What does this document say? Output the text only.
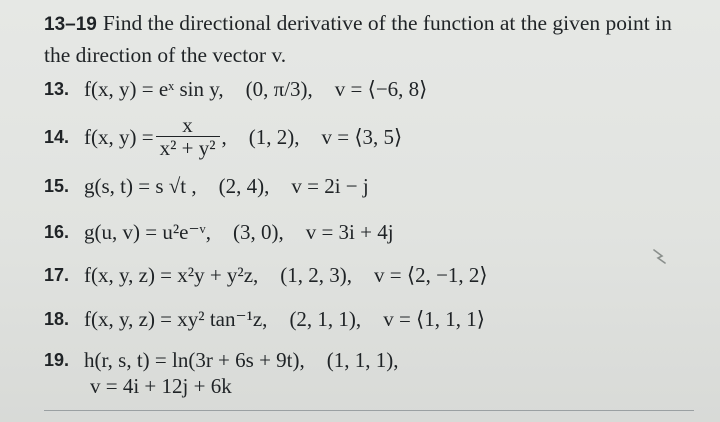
13–19 Find the directional derivative of the function at the given point in the direction of the vector v.
13. f(x, y) = eˣ sin y, (0, π/3), v = ⟨−6, 8⟩
14. f(x, $y) = \frac{x}{\text{x² + y²}}$ , (1, 2), v = ⟨3, 5⟩
15. g(s, t) = s √t , (2, 4), v = 2i − j
16. g(u, v) = u²e⁻ᵛ, (3, 0), v = 3i + 4j
17. f(x, y, z) = x²y + y²z, (1, 2, 3), v = ⟨2, −1, 2⟩
18. f(x, y, z) = xy² tan⁻¹z, (2, 1, 1), v = ⟨1, 1, 1⟩
19. h(r, s, t) = ln(3r + 6s + 9t), (1, 1, 1),
v = 4i + 12j + 6k
